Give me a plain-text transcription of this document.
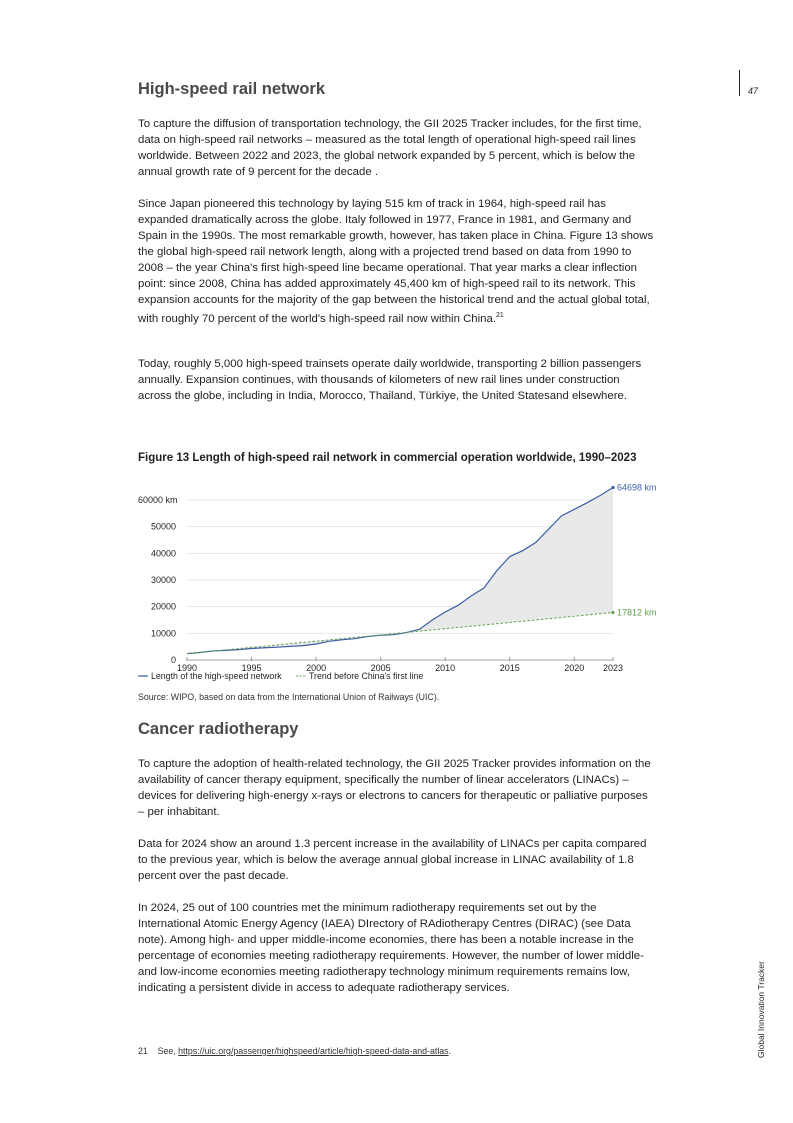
47
Global Innovation Tracker
High-speed rail network

To capture the diffusion of transportation technology, the GII 2025 Tracker includes, for the first time, data on high-speed rail networks – measured as the total length of operational high-speed rail lines worldwide. Between 2022 and 2023, the global network expanded by 5 percent, which is below the annual growth rate of 9 percent for the decade .

Since Japan pioneered this technology by laying 515 km of track in 1964, high-speed rail has expanded dramatically across the globe. Italy followed in 1977, France in 1981, and Germany and Spain in the 1990s. The most remarkable growth, however, has taken place in China. Figure 13 shows the global high-speed rail network length, along with a projected trend based on data from 1990 to 2008 – the year China's first high-speed line became operational. That year marks a clear inflection point: since 2008, China has added approximately 45,400 km of high-speed rail to its network. This expansion accounts for the majority of the gap between the historical trend and the actual global total, with roughly 70 percent of the world's high-speed rail now within China.$^{21}$

Today, roughly 5,000 high-speed trainsets operate daily worldwide, transporting 2 billion passengers annually. Expansion continues, with thousands of kilometers of new rail lines under construction across the globe, including in India, Morocco, Thailand, Türkiye, the United Statesand elsewhere.

Figure 13 Length of high-speed rail network in commercial operation worldwide, 1990–2023
0
10000
20000
30000
40000
50000
60000 km
1990	1995	2000	2005	2010	2015	2020 2023
64698 km
17812 km
Length of the high-speed network	Trend before China's first line
Source: WIPO, based on data from the International Union of Railways (UIC).
Cancer radiotherapy

To capture the adoption of health-related technology, the GII 2025 Tracker provides information on the availability of cancer therapy equipment, specifically the number of linear accelerators (LINACs) – devices for delivering high-energy x-rays or electrons to cancers for therapeutic or palliative purposes – per inhabitant.

Data for 2024 show an around 1.3 percent increase in the availability of LINACs per capita compared to the previous year, which is below the average annual global increase in LINAC availability of 1.8 percent over the past decade.

In 2024, 25 out of 100 countries met the minimum radiotherapy requirements set out by the International Atomic Energy Agency (IAEA) DIrectory of RAdiotherapy Centres (DIRAC) (see Data note). Among high- and upper middle-income economies, there has been a notable increase in the percentage of economies meeting radiotherapy requirements. However, the number of lower middle- and low-income economies meeting radiotherapy technology minimum requirements remains low, indicating a persistent divide in access to adequate radiotherapy services.

21 See, https://uic.org/passenger/highspeed/article/high-speed-data-and-atlas.
